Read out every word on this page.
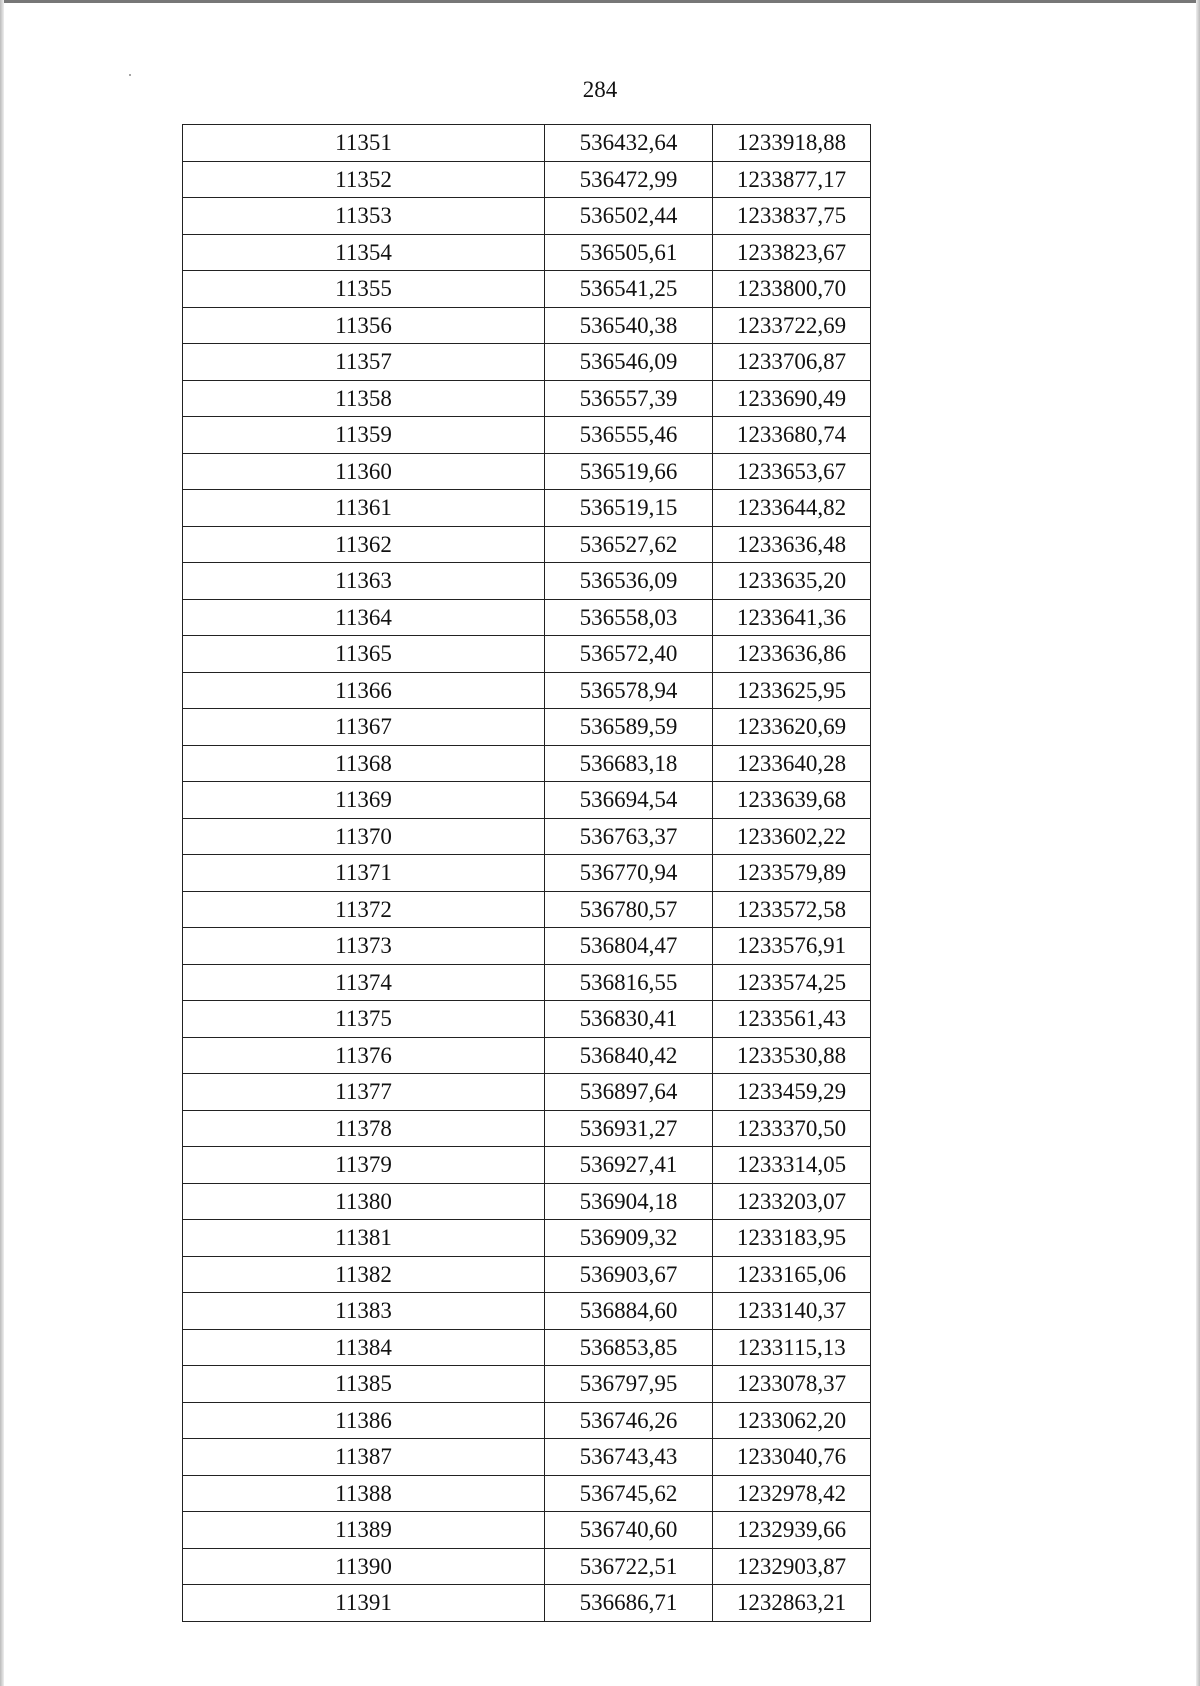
284
11351	536432,64	1233918,88
11352	536472,99	1233877,17
11353	536502,44	1233837,75
11354	536505,61	1233823,67
11355	536541,25	1233800,70
11356	536540,38	1233722,69
11357	536546,09	1233706,87
11358	536557,39	1233690,49
11359	536555,46	1233680,74
11360	536519,66	1233653,67
11361	536519,15	1233644,82
11362	536527,62	1233636,48
11363	536536,09	1233635,20
11364	536558,03	1233641,36
11365	536572,40	1233636,86
11366	536578,94	1233625,95
11367	536589,59	1233620,69
11368	536683,18	1233640,28
11369	536694,54	1233639,68
11370	536763,37	1233602,22
11371	536770,94	1233579,89
11372	536780,57	1233572,58
11373	536804,47	1233576,91
11374	536816,55	1233574,25
11375	536830,41	1233561,43
11376	536840,42	1233530,88
11377	536897,64	1233459,29
11378	536931,27	1233370,50
11379	536927,41	1233314,05
11380	536904,18	1233203,07
11381	536909,32	1233183,95
11382	536903,67	1233165,06
11383	536884,60	1233140,37
11384	536853,85	1233115,13
11385	536797,95	1233078,37
11386	536746,26	1233062,20
11387	536743,43	1233040,76
11388	536745,62	1232978,42
11389	536740,60	1232939,66
11390	536722,51	1232903,87
11391	536686,71	1232863,21
